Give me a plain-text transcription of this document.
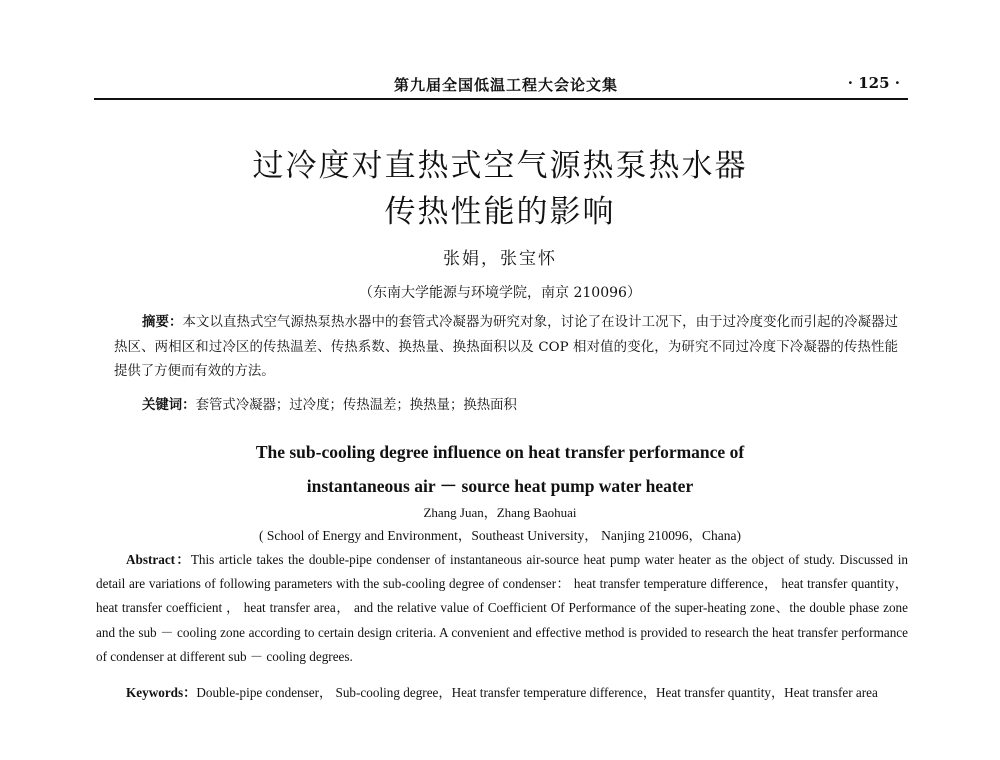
第九届全国低温工程大会论文集	· 125 ·
过冷度对直热式空气源热泵热水器
传热性能的影响
张娟，张宝怀
（东南大学能源与环境学院，南京 210096）
摘要：本文以直热式空气源热泵热水器中的套管式冷凝器为研究对象，讨论了在设计工况下，由于过冷度变化而引起的冷凝器过热区、两相区和过冷区的传热温差、传热系数、换热量、换热面积以及 COP 相对值的变化，为研究不同过冷度下冷凝器的传热性能提供了方便而有效的方法。
关键词：套管式冷凝器；过冷度；传热温差；换热量；换热面积
The sub-cooling degree influence on heat transfer performance of
instantaneous air － source heat pump water heater
Zhang Juan，Zhang Baohuai
( School of Energy and Environment，Southeast University， Nanjing 210096，Chana)
Abstract：This article takes the double-pipe condenser of instantaneous air-source heat pump water heater as the object of study. Discussed in detail are variations of following parameters with the sub-cooling degree of condenser： heat transfer temperature difference， heat transfer quantity， heat transfer coefficient ， heat transfer area， and the relative value of Coefficient Of Performance of the super-heating zone、the double phase zone and the sub － cooling zone according to certain design criteria. A convenient and effective method is provided to research the heat transfer performance of condenser at different sub － cooling degrees.
Keywords：Double-pipe condenser， Sub-cooling degree，Heat transfer temperature difference，Heat transfer quantity，Heat transfer area
